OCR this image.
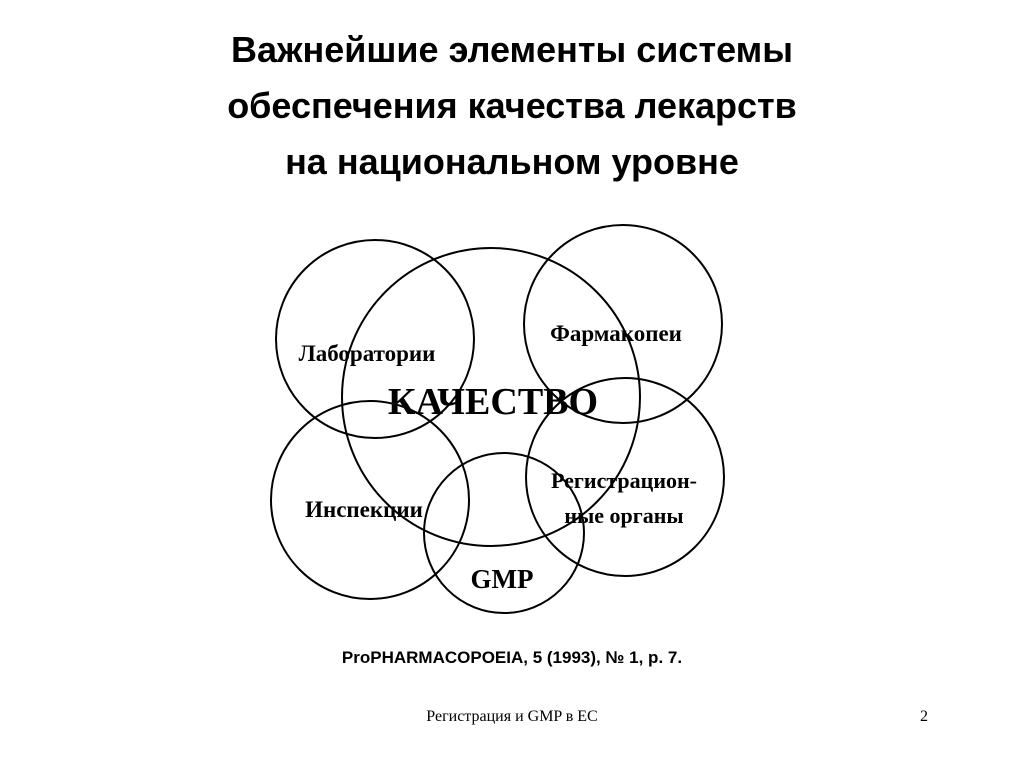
Важнейшие элементы системы
обеспечения качества лекарств
на национальном уровне
КАЧЕСТВО
Лаборатории
Фармакопеи
Инспекции
Регистрацион-
ные органы
GMP

ProPHARMACOPOEIA, 5 (1993), № 1, p. 7.

Регистрация и GMP в ЕС	2
